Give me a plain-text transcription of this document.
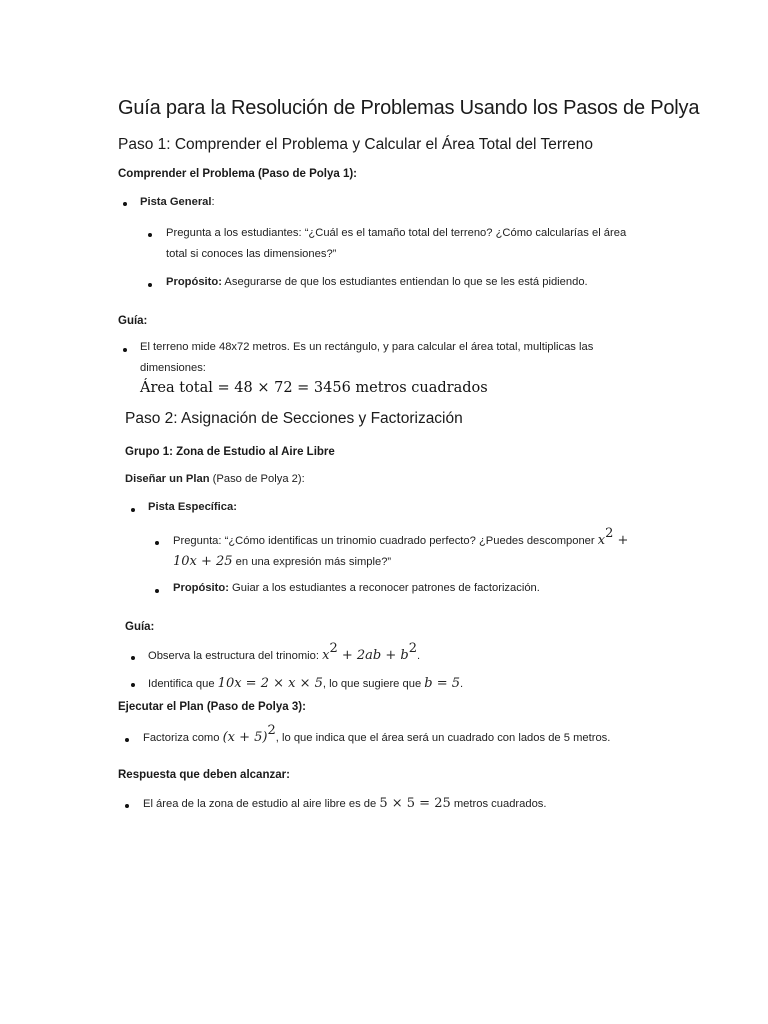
Guía para la Resolución de Problemas Usando los Pasos de Polya
Paso 1: Comprender el Problema y Calcular el Área Total del Terreno
Comprender el Problema (Paso de Polya 1):
Pista General:
Pregunta a los estudiantes: “¿Cuál es el tamaño total del terreno? ¿Cómo calcularías el área
total si conoces las dimensiones?”
Propósito: Asegurarse de que los estudiantes entiendan lo que se les está pidiendo.
Guía:
El terreno mide 48x72 metros. Es un rectángulo, y para calcular el área total, multiplicas las
dimensiones:
Área total = 48 × 72 = 3456 metros cuadrados
Paso 2: Asignación de Secciones y Factorización
Grupo 1: Zona de Estudio al Aire Libre
Diseñar un Plan (Paso de Polya 2):
Pista Específica:
Pregunta: “¿Cómo identificas un trinomio cuadrado perfecto? ¿Puedes descomponer $x^2$ +
10x + 25 en una expresión más simple?”
Propósito: Guiar a los estudiantes a reconocer patrones de factorización.
Guía:
Observa la estructura del trinomio: $x^2 + 2ab + b^2$.
Identifica que 10x = 2 × x × 5, lo que sugiere que b = 5.
Ejecutar el Plan (Paso de Polya 3):
Factoriza como $(x + 5)^2$, lo que indica que el área será un cuadrado con lados de 5 metros.
Respuesta que deben alcanzar:
El área de la zona de estudio al aire libre es de 5 × 5 = 25 metros cuadrados.
